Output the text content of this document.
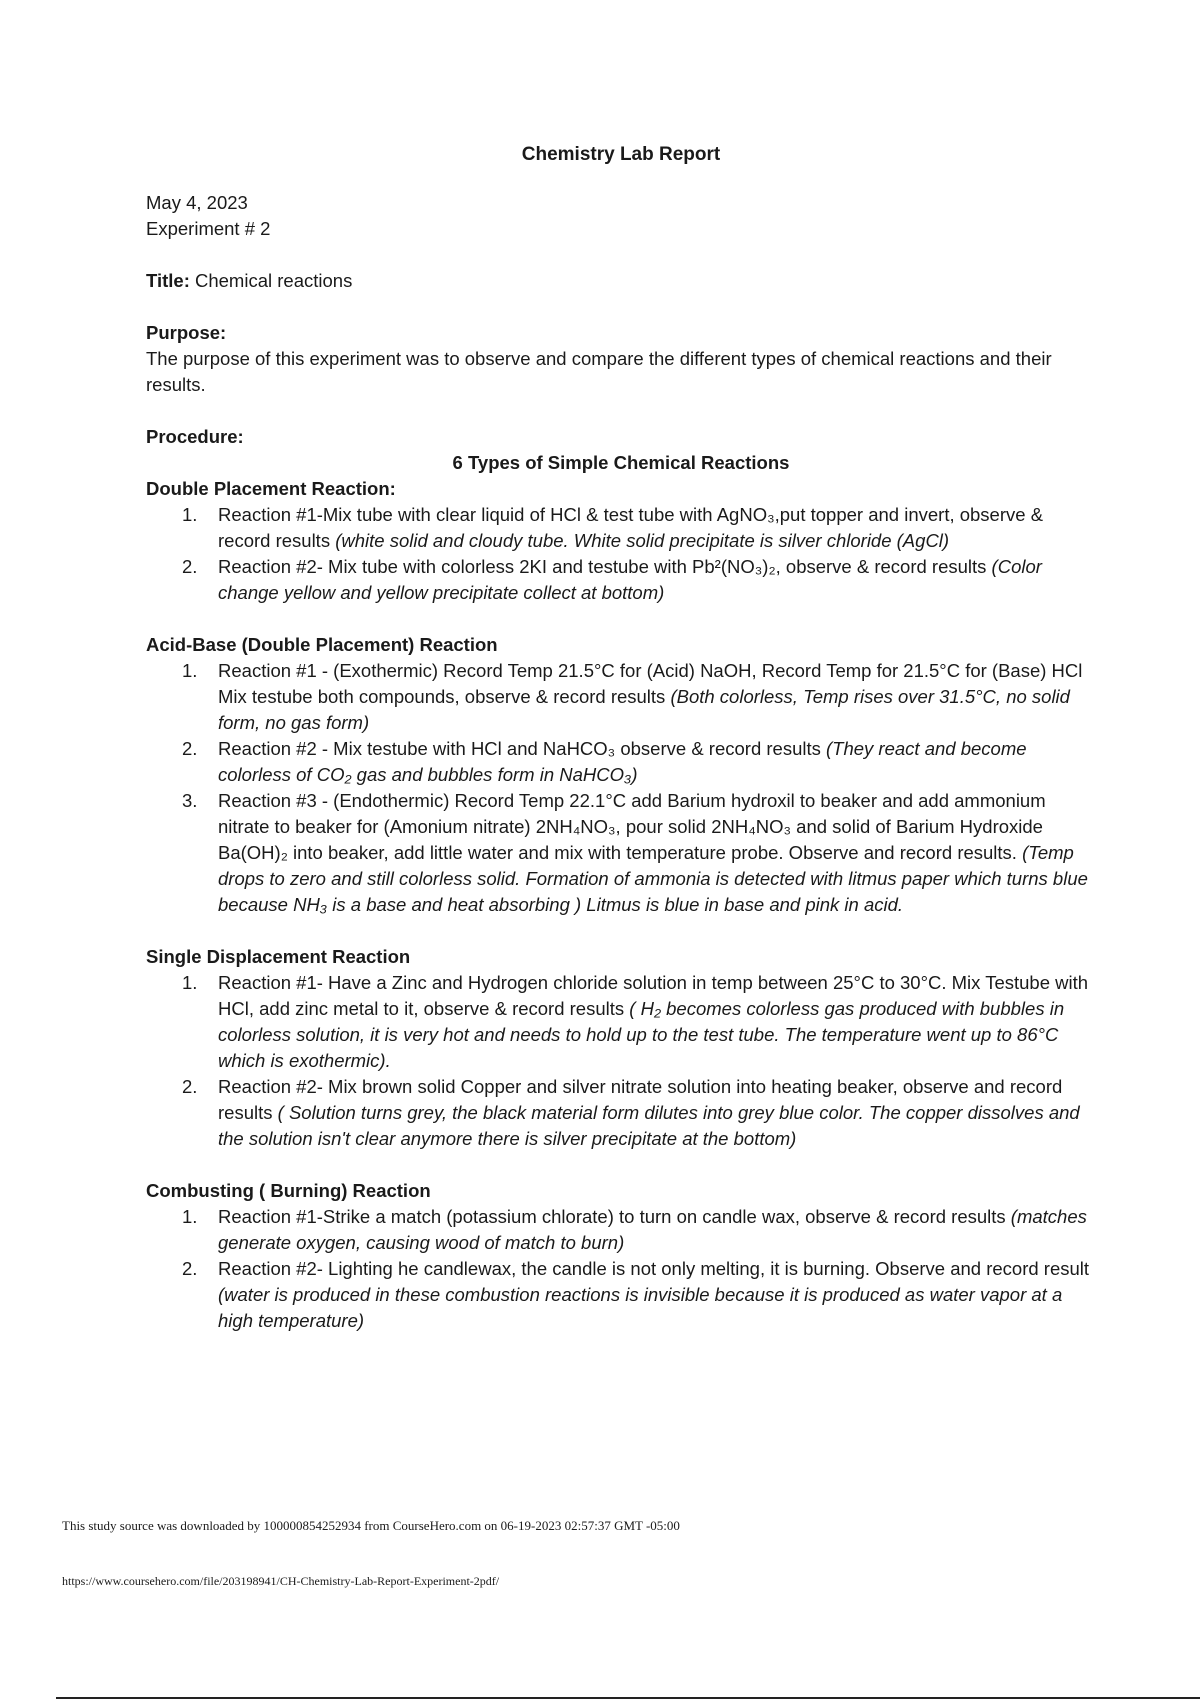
Chemistry Lab Report
May 4, 2023
Experiment # 2
Title: Chemical reactions
Purpose:
The purpose of this experiment was to observe and compare the different types of chemical reactions and their results.
Procedure:
6 Types of Simple Chemical Reactions
Double Placement Reaction:
1. Reaction #1-Mix tube with clear liquid of HCl & test tube with AgNO₃,put topper and invert, observe & record results (white solid and cloudy tube. White solid precipitate is silver chloride (AgCl)
2. Reaction #2- Mix tube with colorless 2KI and testube with Pb²(NO₃)₂, observe & record results (Color change yellow and yellow precipitate collect at bottom)
Acid-Base (Double Placement) Reaction
1. Reaction #1 - (Exothermic) Record Temp 21.5°C for (Acid) NaOH, Record Temp for 21.5°C for (Base) HCl Mix testube both compounds, observe & record results (Both colorless, Temp rises over 31.5°C, no solid form, no gas form)
2. Reaction #2 - Mix testube with HCl and NaHCO₃ observe & record results (They react and become colorless of CO₂ gas and bubbles form in NaHCO₃)
3. Reaction #3 - (Endothermic) Record Temp 22.1°C add Barium hydroxil to beaker and add ammonium nitrate to beaker for (Amonium nitrate) 2NH₄NO₃, pour solid 2NH₄NO₃ and solid of Barium Hydroxide Ba(OH)₂ into beaker, add little water and mix with temperature probe. Observe and record results. (Temp drops to zero and still colorless solid. Formation of ammonia is detected with litmus paper which turns blue because NH₃ is a base and heat absorbing ) Litmus is blue in base and pink in acid.
Single Displacement Reaction
1. Reaction #1- Have a Zinc and Hydrogen chloride solution in temp between 25°C to 30°C. Mix Testube with HCl, add zinc metal to it, observe & record results ( H₂ becomes colorless gas produced with bubbles in colorless solution, it is very hot and needs to hold up to the test tube. The temperature went up to 86°C which is exothermic).
2. Reaction #2- Mix brown solid Copper and silver nitrate solution into heating beaker, observe and record results ( Solution turns grey, the black material form dilutes into grey blue color. The copper dissolves and the solution isn't clear anymore there is silver precipitate at the bottom)
Combusting ( Burning) Reaction
1. Reaction #1-Strike a match (potassium chlorate) to turn on candle wax, observe & record results (matches generate oxygen, causing wood of match to burn)
2. Reaction #2- Lighting he candlewax, the candle is not only melting, it is burning. Observe and record result (water is produced in these combustion reactions is invisible because it is produced as water vapor at a high temperature)
This study source was downloaded by 100000854252934 from CourseHero.com on 06-19-2023 02:57:37 GMT -05:00
https://www.coursehero.com/file/203198941/CH-Chemistry-Lab-Report-Experiment-2pdf/
